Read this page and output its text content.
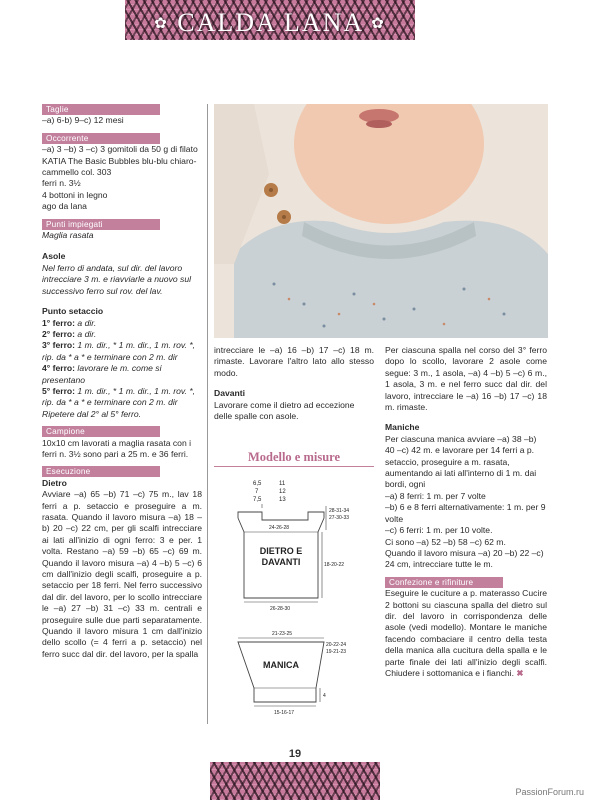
✿ CALDA LANA ✿
Taglie

–a) 6-b) 9–c) 12 mesi

Occorrente

–a) 3 –b) 3 –c) 3 gomitoli da 50 g di filato KATIA The Basic Bubbles blu-blu chiaro-cammello col. 303

ferri n. 3½

4 bottoni in legno

ago da lana

Punti impiegati

Maglia rasata

Asole

Nel ferro di andata, sul dir. del lavoro intrecciare 3 m. e riavviarle a nuovo sul successivo ferro sul rov. del lav.

Punto setaccio

1° ferro: a dir.

2° ferro: a dir.

3° ferro: 1 m. dir., * 1 m. dir., 1 m. rov. *, rip. da * a * e terminare con 2 m. dir

4° ferro: lavorare le m. come si presentano

5° ferro: 1 m. dir., * 1 m. dir., 1 m. rov. *, rip. da * a * e terminare con 2 m. dir

Ripetere dal 2° al 5° ferro.

Campione

10x10 cm lavorati a maglia rasata con i ferri n. 3½ sono pari a 25 m. e 36 ferri.

Esecuzione

Dietro

Avviare –a) 65 –b) 71 –c) 75 m., lav 18 ferri a p. setaccio e proseguire a m. rasata. Quando il lavoro misura –a) 18 –b) 20 –c) 22 cm, per gli scalfi intrecciare ai lati all'inizio di ogni ferro: 3 e per. 1 volta. Restano –a) 59 –b) 65 –c) 69 m. Quando il lavoro misura –a) 4 –b) 5 –c) 6 cm dall'inizio degli scalfi, proseguire a p. setaccio per 18 ferri. Nel ferro successivo dal dir. del lavoro, per lo scollo intrecciare le –a) 27 –b) 31 –c) 33 m. centrali e proseguire sulle due parti separatamente. Quando il lavoro misura 1 cm dall'inizio dello scollo (= 4 ferri a p. setaccio) nel ferro succ dal dir. del lavoro, per la spalla

intrecciare le –a) 16 –b) 17 –c) 18 m. rimaste. Lavorare l'altro lato allo stesso modo.

Davanti

Lavorare come il dietro ad eccezione delle spalle con asole.

Modello e misure
6,5
7
7,5
11
12
13
28-31-34
27-30-33
24-26-28
DIETRO E
DAVANTI	18-20-22
26-28-30
21-23-25
MANICA
20-22-24
19-21-23
4
15-16-17

Per ciascuna spalla nel corso del 3° ferro dopo lo scollo, lavorare 2 asole come segue: 3 m., 1 asola, –a) 4 –b) 5 –c) 6 m., 1 asola, 3 m. e nel ferro succ dal dir. del lavoro, intrecciare le –a) 16 –b) 17 –c) 18 m. rimaste.

Maniche

Per ciascuna manica avviare –a) 38 –b) 40 –c) 42 m. e lavorare per 14 ferri a p. setaccio, proseguire a m. rasata, aumentando ai lati all'interno di 1 m. dai bordi, ogni

–a) 8 ferri: 1 m. per 7 volte

–b) 6 e 8 ferri alternativamente: 1 m. per 9 volte

–c) 6 ferri: 1 m. per 10 volte.

Ci sono –a) 52 –b) 58 –c) 62 m.

Quando il lavoro misura –a) 20 –b) 22 –c) 24 cm, intrecciare tutte le m.

Confezione e rifiniture

Eseguire le cuciture a p. materasso Cucire 2 bottoni su ciascuna spalla del dietro sul dir. del lavoro in corrispondenza delle asole (vedi modello). Montare le maniche facendo combaciare il centro della testa della manica alla cucitura della spalla e le parte finale dei lati all'inizio degli scalfi. Chiudere i sottomanica e i fianchi. ✖

19
PassionForum.ru
